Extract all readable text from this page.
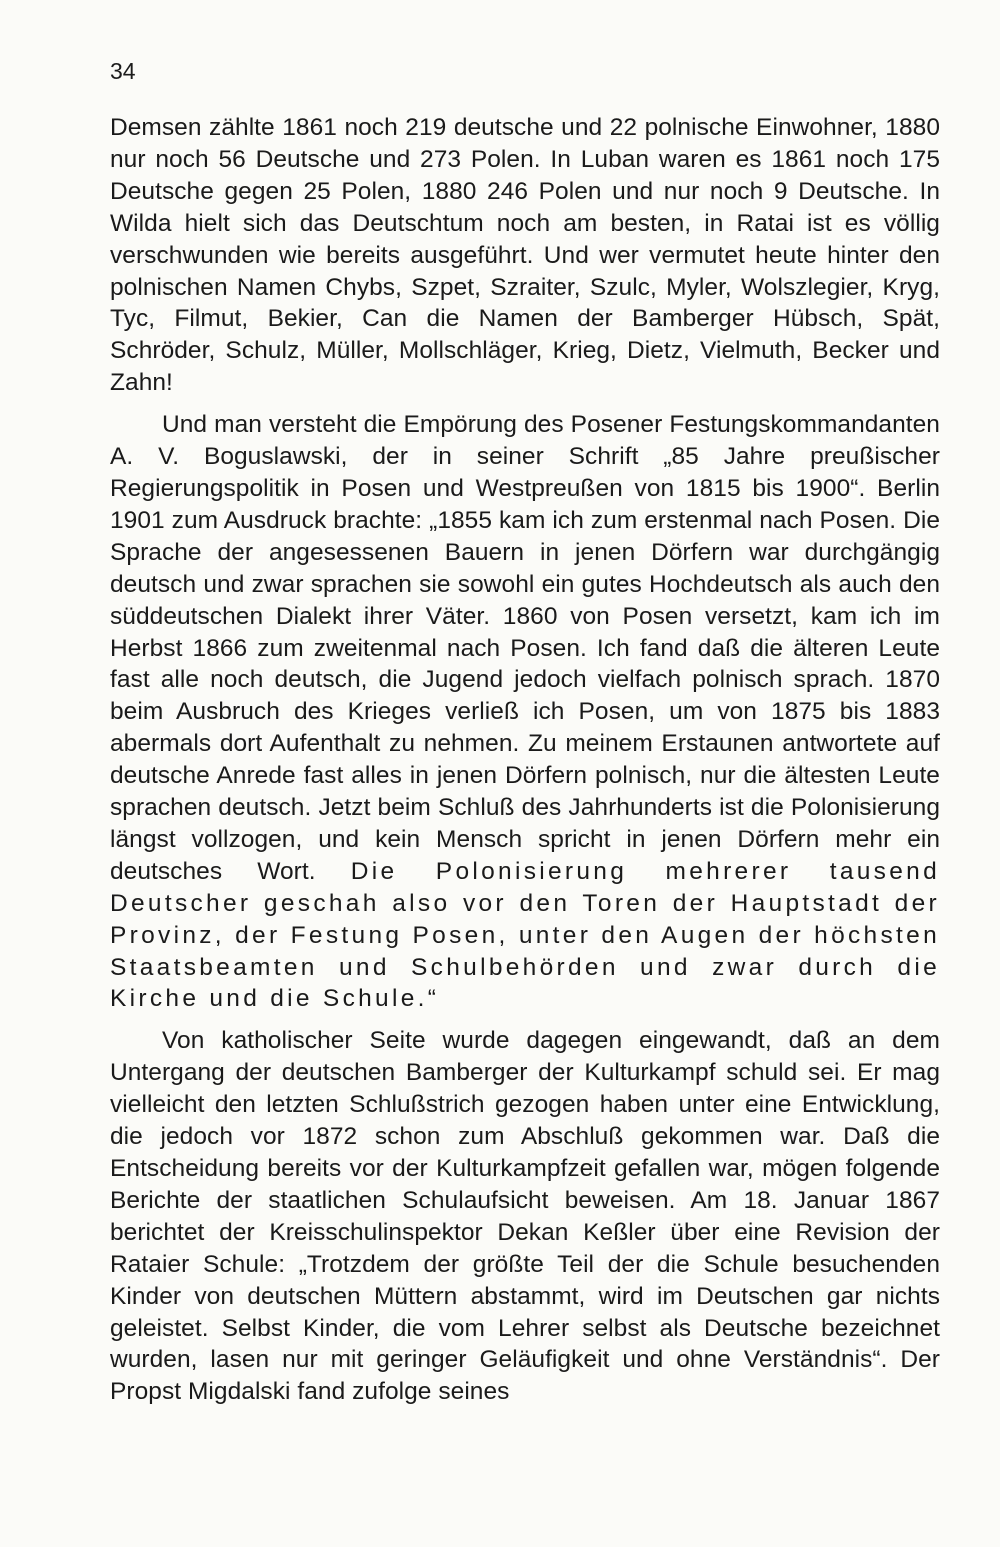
34

Demsen zählte 1861 noch 219 deutsche und 22 polnische Einwohner, 1880 nur noch 56 Deutsche und 273 Polen. In Luban waren es 1861 noch 175 Deutsche gegen 25 Polen, 1880 246 Polen und nur noch 9 Deutsche. In Wilda hielt sich das Deutschtum noch am besten, in Ratai ist es völlig verschwunden wie bereits ausgeführt. Und wer vermutet heute hinter den polnischen Namen Chybs, Szpet, Szraiter, Szulc, Myler, Wolszlegier, Kryg, Tyc, Filmut, Bekier, Can die Namen der Bamberger Hübsch, Spät, Schröder, Schulz, Müller, Mollschläger, Krieg, Dietz, Vielmuth, Becker und Zahn!

Und man versteht die Empörung des Posener Festungskommandanten A. V. Boguslawski, der in seiner Schrift „85 Jahre preußischer Regierungspolitik in Posen und Westpreußen von 1815 bis 1900“. Berlin 1901 zum Ausdruck brachte: „1855 kam ich zum erstenmal nach Posen. Die Sprache der angesessenen Bauern in jenen Dörfern war durchgängig deutsch und zwar sprachen sie sowohl ein gutes Hochdeutsch als auch den süddeutschen Dialekt ihrer Väter. 1860 von Posen versetzt, kam ich im Herbst 1866 zum zweitenmal nach Posen. Ich fand daß die älteren Leute fast alle noch deutsch, die Jugend jedoch vielfach polnisch sprach. 1870 beim Ausbruch des Krieges verließ ich Posen, um von 1875 bis 1883 abermals dort Aufenthalt zu nehmen. Zu meinem Erstaunen antwortete auf deutsche Anrede fast alles in jenen Dörfern polnisch, nur die ältesten Leute sprachen deutsch. Jetzt beim Schluß des Jahrhunderts ist die Polonisierung längst vollzogen, und kein Mensch spricht in jenen Dörfern mehr ein deutsches Wort. Die Polonisierung mehrerer tausend Deutscher geschah also vor den Toren der Hauptstadt der Provinz, der Festung Posen, unter den Augen der höchsten Staatsbeamten und Schulbehörden und zwar durch die Kirche und die Schule.“

Von katholischer Seite wurde dagegen eingewandt, daß an dem Untergang der deutschen Bamberger der Kulturkampf schuld sei. Er mag vielleicht den letzten Schlußstrich gezogen haben unter eine Entwicklung, die jedoch vor 1872 schon zum Abschluß gekommen war. Daß die Entscheidung bereits vor der Kulturkampfzeit gefallen war, mögen folgende Berichte der staatlichen Schulaufsicht beweisen. Am 18. Januar 1867 berichtet der Kreisschulinspektor Dekan Keßler über eine Revision der Rataier Schule: „Trotzdem der größte Teil der die Schule besuchenden Kinder von deutschen Müttern abstammt, wird im Deutschen gar nichts geleistet. Selbst Kinder, die vom Lehrer selbst als Deutsche bezeichnet wurden, lasen nur mit geringer Geläufigkeit und ohne Verständnis“. Der Propst Migdalski fand zufolge seines
